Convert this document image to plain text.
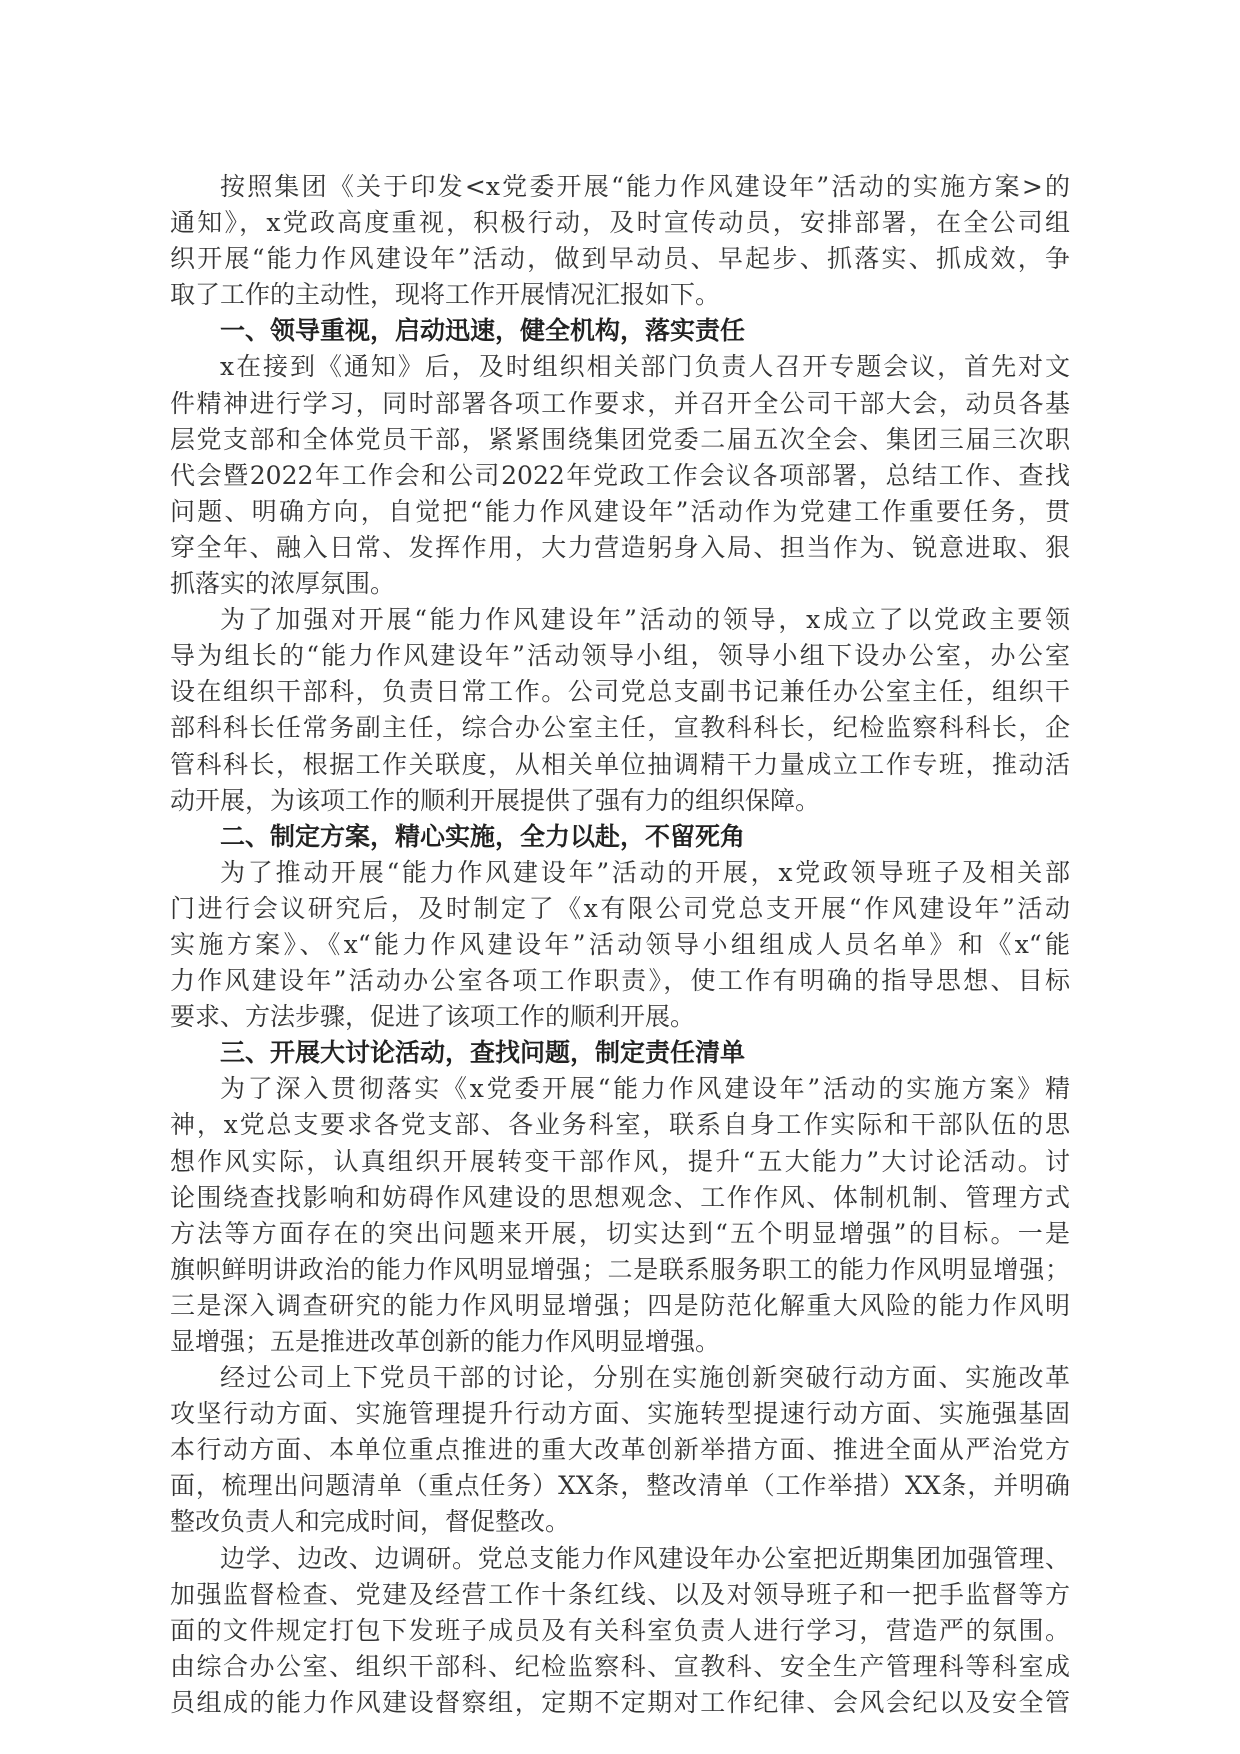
按照集团《关于印发<x党委开展“能力作风建设年”活动的实施方案>的
通知》，x党政高度重视，积极行动，及时宣传动员，安排部署，在全公司组
织开展“能力作风建设年”活动，做到早动员、早起步、抓落实、抓成效，争
取了工作的主动性，现将工作开展情况汇报如下。
一、领导重视，启动迅速，健全机构，落实责任
x在接到《通知》后，及时组织相关部门负责人召开专题会议，首先对文
件精神进行学习，同时部署各项工作要求，并召开全公司干部大会，动员各基
层党支部和全体党员干部，紧紧围绕集团党委二届五次全会、集团三届三次职
代会暨2022年工作会和公司2022年党政工作会议各项部署，总结工作、查找
问题、明确方向，自觉把“能力作风建设年”活动作为党建工作重要任务，贯
穿全年、融入日常、发挥作用，大力营造躬身入局、担当作为、锐意进取、狠
抓落实的浓厚氛围。
为了加强对开展“能力作风建设年”活动的领导，x成立了以党政主要领
导为组长的“能力作风建设年”活动领导小组，领导小组下设办公室，办公室
设在组织干部科，负责日常工作。公司党总支副书记兼任办公室主任，组织干
部科科长任常务副主任，综合办公室主任，宣教科科长，纪检监察科科长，企
管科科长，根据工作关联度，从相关单位抽调精干力量成立工作专班，推动活
动开展，为该项工作的顺利开展提供了强有力的组织保障。
二、制定方案，精心实施，全力以赴，不留死角
为了推动开展“能力作风建设年”活动的开展，x党政领导班子及相关部
门进行会议研究后，及时制定了《x有限公司党总支开展“作风建设年”活动
实施方案》、《x“能力作风建设年”活动领导小组组成人员名单》和《x“能
力作风建设年”活动办公室各项工作职责》，使工作有明确的指导思想、目标
要求、方法步骤，促进了该项工作的顺利开展。
三、开展大讨论活动，查找问题，制定责任清单
为了深入贯彻落实《x党委开展“能力作风建设年”活动的实施方案》精
神，x党总支要求各党支部、各业务科室，联系自身工作实际和干部队伍的思
想作风实际，认真组织开展转变干部作风，提升“五大能力”大讨论活动。讨
论围绕查找影响和妨碍作风建设的思想观念、工作作风、体制机制、管理方式
方法等方面存在的突出问题来开展，切实达到“五个明显增强”的目标。一是
旗帜鲜明讲政治的能力作风明显增强；二是联系服务职工的能力作风明显增强；
三是深入调查研究的能力作风明显增强；四是防范化解重大风险的能力作风明
显增强；五是推进改革创新的能力作风明显增强。
经过公司上下党员干部的讨论，分别在实施创新突破行动方面、实施改革
攻坚行动方面、实施管理提升行动方面、实施转型提速行动方面、实施强基固
本行动方面、本单位重点推进的重大改革创新举措方面、推进全面从严治党方
面，梳理出问题清单（重点任务）XX条，整改清单（工作举措）XX条，并明确
整改负责人和完成时间，督促整改。
边学、边改、边调研。党总支能力作风建设年办公室把近期集团加强管理、
加强监督检查、党建及经营工作十条红线、以及对领导班子和一把手监督等方
面的文件规定打包下发班子成员及有关科室负责人进行学习，营造严的氛围。
由综合办公室、组织干部科、纪检监察科、宣教科、安全生产管理科等科室成
员组成的能力作风建设督察组，定期不定期对工作纪律、会风会纪以及安全管
